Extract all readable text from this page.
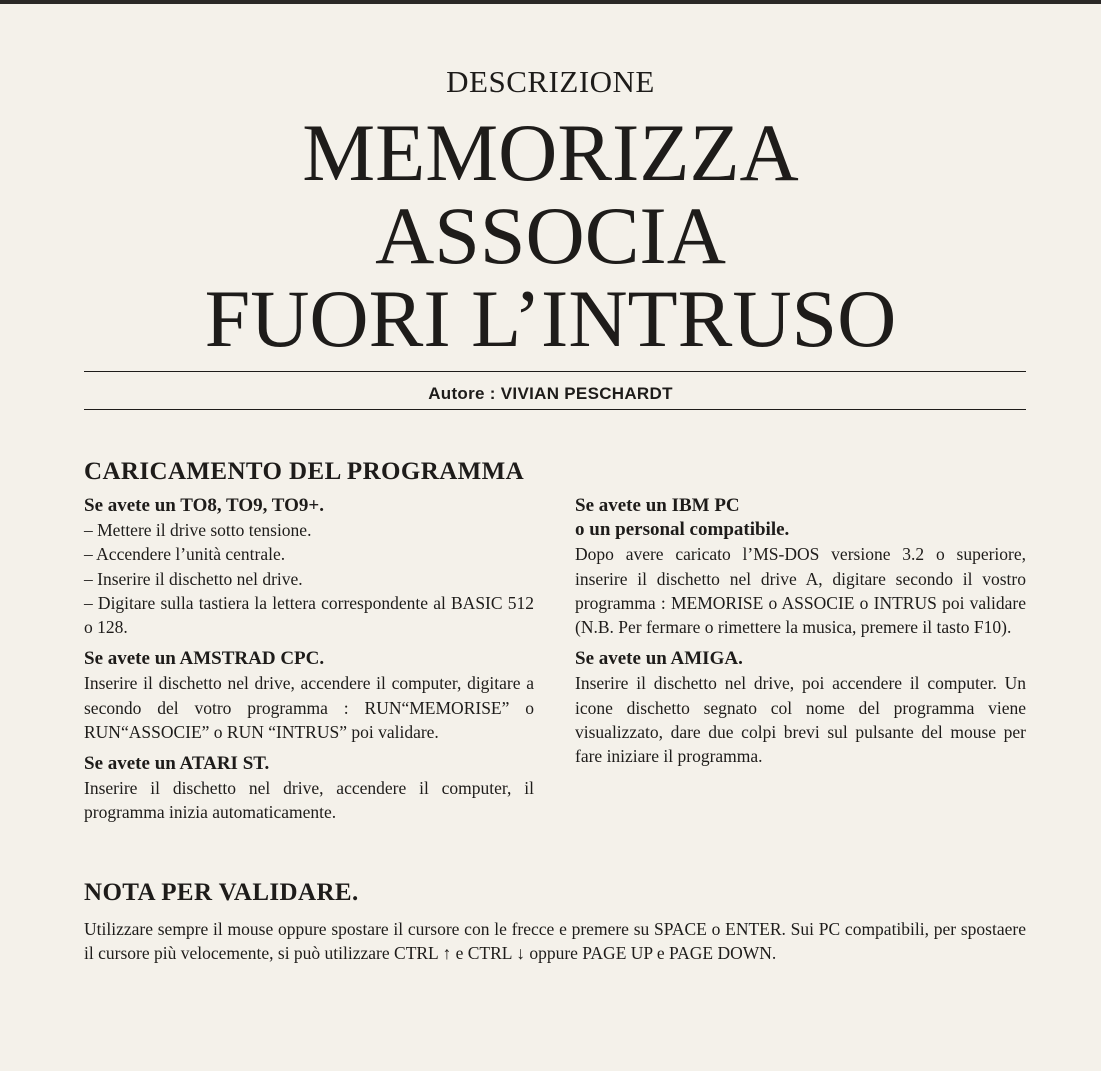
DESCRIZIONE
MEMORIZZA
ASSOCIA
FUORI L’INTRUSO
Autore : VIVIAN PESCHARDT
CARICAMENTO DEL PROGRAMMA
Se avete un TO8, TO9, TO9+.
– Mettere il drive sotto tensione.
– Accendere l’unità centrale.
– Inserire il dischetto nel drive.
– Digitare sulla tastiera la lettera correspondente al BASIC 512 o 128.
Se avete un AMSTRAD CPC.
Inserire il dischetto nel drive, accendere il computer, digitare a secondo del votro programma : RUN“MEMORISE” o RUN“ASSOCIE” o RUN “INTRUS” poi validare.
Se avete un ATARI ST.
Inserire il dischetto nel drive, accendere il computer, il programma inizia automaticamente.
Se avete un IBM PC
o un personal compatibile.
Dopo avere caricato l’MS-DOS versione 3.2 o superiore, inserire il dischetto nel drive A, digitare secondo il vostro programma : MEMORISE o ASSOCIE o INTRUS poi validare (N.B. Per fermare o rimettere la musica, premere il tasto F10).
Se avete un AMIGA.
Inserire il dischetto nel drive, poi accendere il computer. Un icone dischetto segnato col nome del programma viene visualizzato, dare due colpi brevi sul pulsante del mouse per fare iniziare il programma.
NOTA PER VALIDARE.
Utilizzare sempre il mouse oppure spostare il cursore con le frecce e premere su SPACE o ENTER. Sui PC compatibili, per spostaere il cursore più velocemente, si può utilizzare CTRL ↑ e CTRL ↓ oppure PAGE UP e PAGE DOWN.
